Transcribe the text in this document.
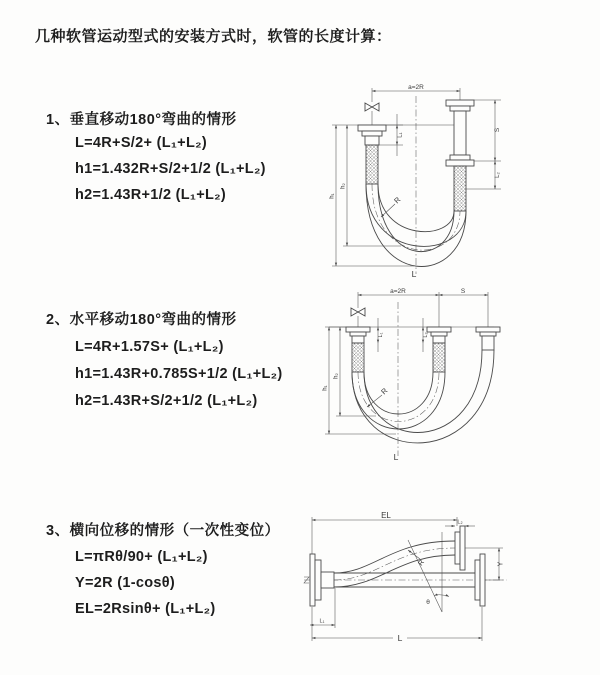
几种软管运动型式的安装方式时，软管的长度计算：
1、垂直移动180°弯曲的情形
L=4R+S/2+ (L₁+L₂)
h1=1.432R+S/2+1/2 (L₁+L₂)
h2=1.43R+1/2 (L₁+L₂)
2、水平移动180°弯曲的情形
L=4R+1.57S+ (L₁+L₂)
h1=1.43R+0.785S+1/2 (L₁+L₂)
h2=1.43R+S/2+1/2 (L₁+L₂)
3、横向位移的情形（一次性变位）
L=πRθ/90+ (L₁+L₂)
Y=2R (1-cosθ)
EL=2Rsinθ+ (L₁+L₂)
a=2R
S
L₂
L₁
h₁
h₂
R
L
a=2R	S
h₁
h₂
L₁	L₂
R
L
EL
L₂
Y
R
θ
L₁
L
